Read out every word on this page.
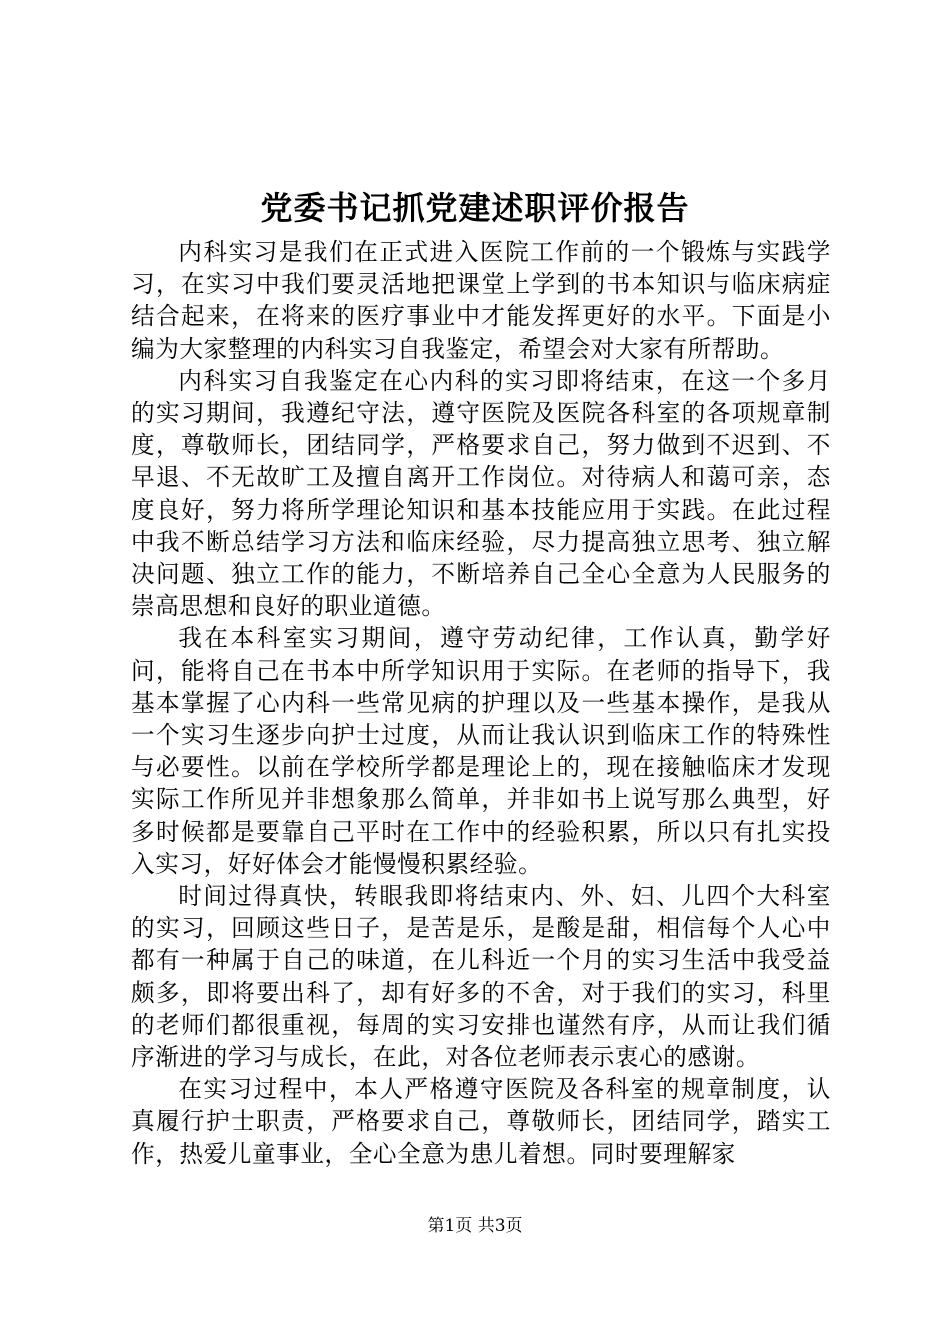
党委书记抓党建述职评价报告

内科实习是我们在正式进入医院工作前的一个锻炼与实践学习，在实习中我们要灵活地把课堂上学到的书本知识与临床病症结合起来，在将来的医疗事业中才能发挥更好的水平。下面是小编为大家整理的内科实习自我鉴定，希望会对大家有所帮助。

内科实习自我鉴定在心内科的实习即将结束，在这一个多月的实习期间，我遵纪守法，遵守医院及医院各科室的各项规章制度，尊敬师长，团结同学，严格要求自己，努力做到不迟到、不早退、不无故旷工及擅自离开工作岗位。对待病人和蔼可亲，态度良好，努力将所学理论知识和基本技能应用于实践。在此过程中我不断总结学习方法和临床经验，尽力提高独立思考、独立解决问题、独立工作的能力，不断培养自己全心全意为人民服务的崇高思想和良好的职业道德。

我在本科室实习期间，遵守劳动纪律，工作认真，勤学好问，能将自己在书本中所学知识用于实际。在老师的指导下，我基本掌握了心内科一些常见病的护理以及一些基本操作，是我从一个实习生逐步向护士过度，从而让我认识到临床工作的特殊性与必要性。以前在学校所学都是理论上的，现在接触临床才发现实际工作所见并非想象那么简单，并非如书上说写那么典型，好多时候都是要靠自己平时在工作中的经验积累，所以只有扎实投入实习，好好体会才能慢慢积累经验。

时间过得真快，转眼我即将结束内、外、妇、儿四个大科室的实习，回顾这些日子，是苦是乐，是酸是甜，相信每个人心中都有一种属于自己的味道，在儿科近一个月的实习生活中我受益颇多，即将要出科了，却有好多的不舍，对于我们的实习，科里的老师们都很重视，每周的实习安排也谨然有序，从而让我们循序渐进的学习与成长，在此，对各位老师表示衷心的感谢。

在实习过程中，本人严格遵守医院及各科室的规章制度，认真履行护士职责，严格要求自己，尊敬师长，团结同学，踏实工作，热爱儿童事业，全心全意为患儿着想。同时要理解家

第1页 共3页
